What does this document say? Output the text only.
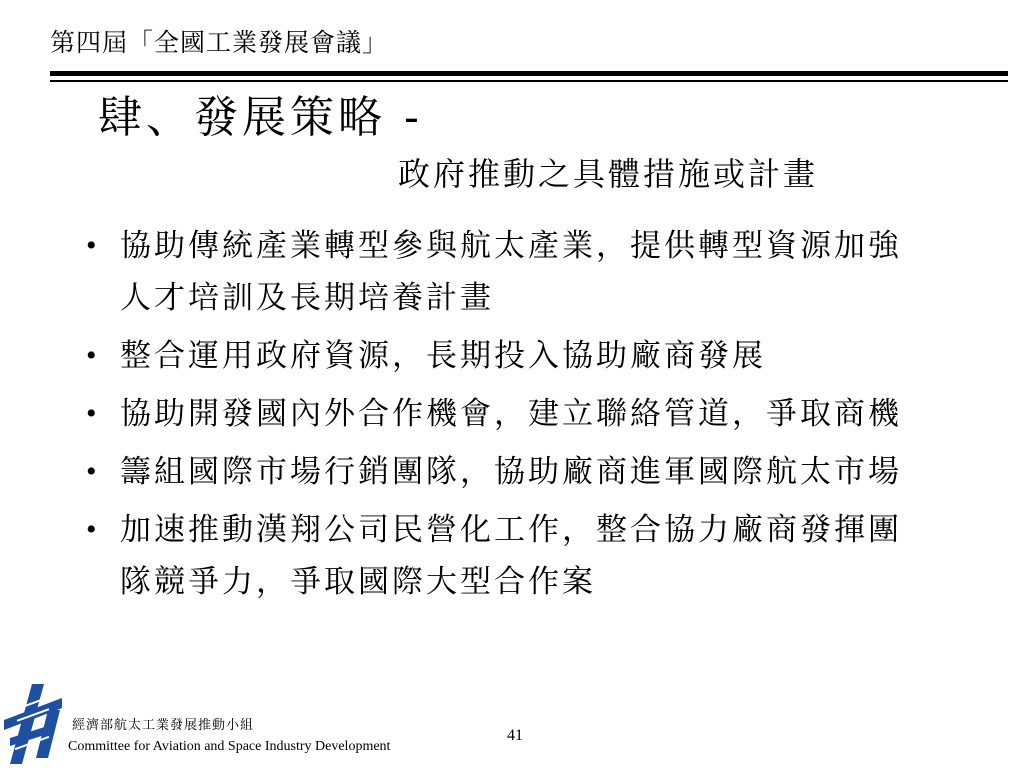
第四屆「全國工業發展會議」
肆、發展策略 -
政府推動之具體措施或計畫
• 協助傳統產業轉型參與航太產業，提供轉型資源加強人才培訓及長期培養計畫
• 整合運用政府資源，長期投入協助廠商發展
• 協助開發國內外合作機會，建立聯絡管道，爭取商機
• 籌組國際市場行銷團隊，協助廠商進軍國際航太市場
• 加速推動漢翔公司民營化工作，整合協力廠商發揮團隊競爭力，爭取國際大型合作案
經濟部航太工業發展推動小組
Committee for Aviation and Space Industry Development
41
